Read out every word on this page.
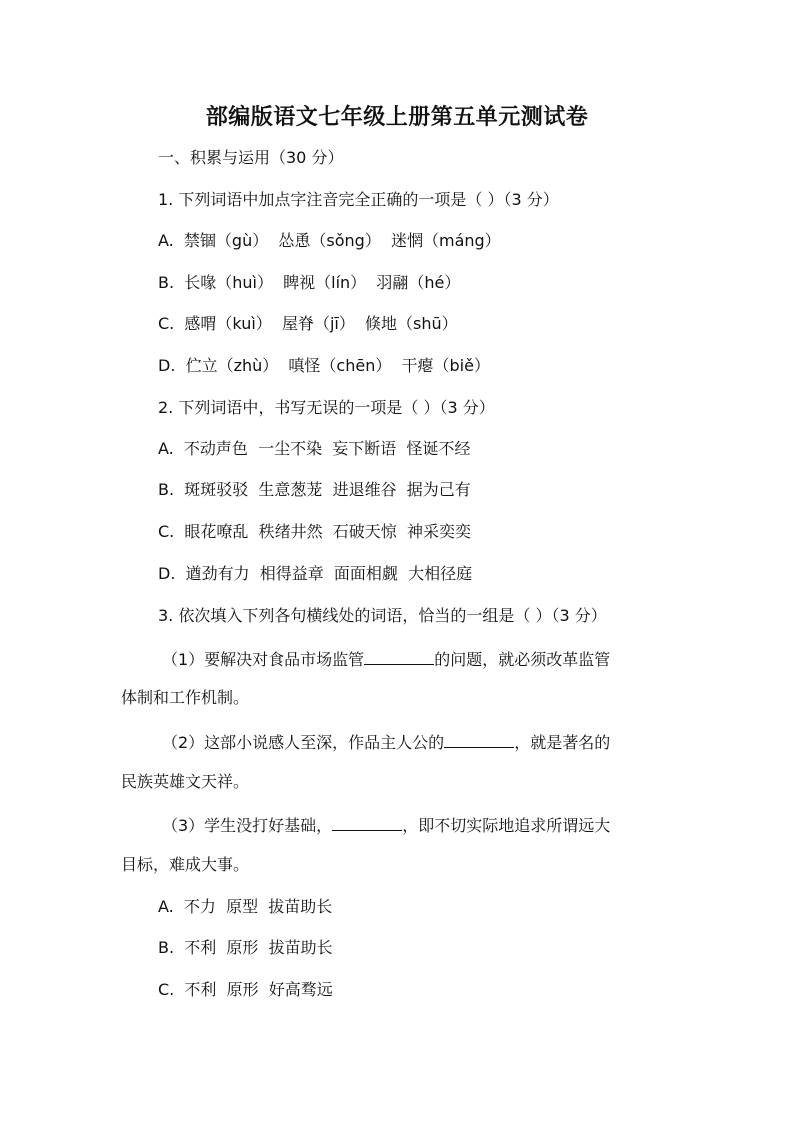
部编版语文七年级上册第五单元测试卷
一、积累与运用（30 分）
1. 下列词语中加点字注音完全正确的一项是（ ）（3 分）
A.  禁锢（gù）  怂恿（sǒng）  迷惘（máng）
B.  长喙（huì）  睥视（lín）  羽翮（hé）
C.  感喟（kuì）  屋脊（jī）  倏地（shū）
D.  伫立（zhù）  嗔怪（chēn）  干瘪（biě）
2. 下列词语中，书写无误的一项是（ ）（3 分）
A.  不动声色  一尘不染  妄下断语  怪诞不经
B.  斑斑驳驳  生意葱茏  进退维谷  据为己有
C.  眼花嘹乱  秩绪井然  石破天惊  神采奕奕
D.  遒劲有力  相得益章  面面相觑  大相径庭
3. 依次填入下列各句横线处的词语，恰当的一组是（ ）（3 分）
（1）要解决对食品市场监管	的问题，就必须改革监管
体制和工作机制。
（2）这部小说感人至深，作品主人公的	，就是著名的
民族英雄文天祥。
（3）学生没打好基础，	，即不切实际地追求所谓远大
目标，难成大事。
A.  不力  原型  拔苗助长
B.  不利  原形  拔苗助长
C.  不利  原形  好高骛远
